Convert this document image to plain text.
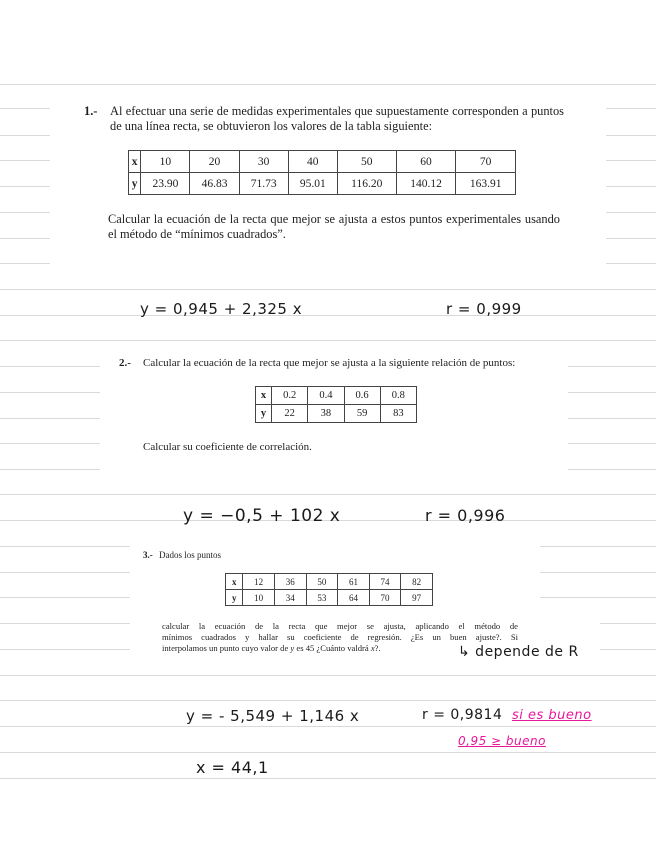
1.- Al efectuar una serie de medidas experimentales que supuestamente corresponden a puntos de una línea recta, se obtuvieron los valores de la tabla siguiente:
x	10	20	30	40	50	60	70
y	23.90	46.83	71.73	95.01	116.20	140.12	163.91
Calcular la ecuación de la recta que mejor se ajusta a estos puntos experimentales usando el método de “mínimos cuadrados”.
y = 0,945 + 2,325 x	r = 0,999
2.- Calcular la ecuación de la recta que mejor se ajusta a la siguiente relación de puntos:
x	0.2	0.4	0.6	0.8
y	22	38	59	83
Calcular su coeficiente de correlación.
y = −0,5 + 102 x	r = 0,996
3.- Dados los puntos
x	12	36	50	61	74	82
y	10	34	53	64	70	97
calcular la ecuación de la recta que mejor se ajusta, aplicando el método de
mínimos cuadrados y hallar su coeficiente de regresión. ¿Es un buen ajuste?. Si
interpolamos un punto cuyo valor de y es 45 ¿Cuánto valdrá x?.	↳ depende de R
y = - 5,549 + 1,146 x	r = 0,9814 si es bueno
0,95 ≥ bueno
x = 44,1
